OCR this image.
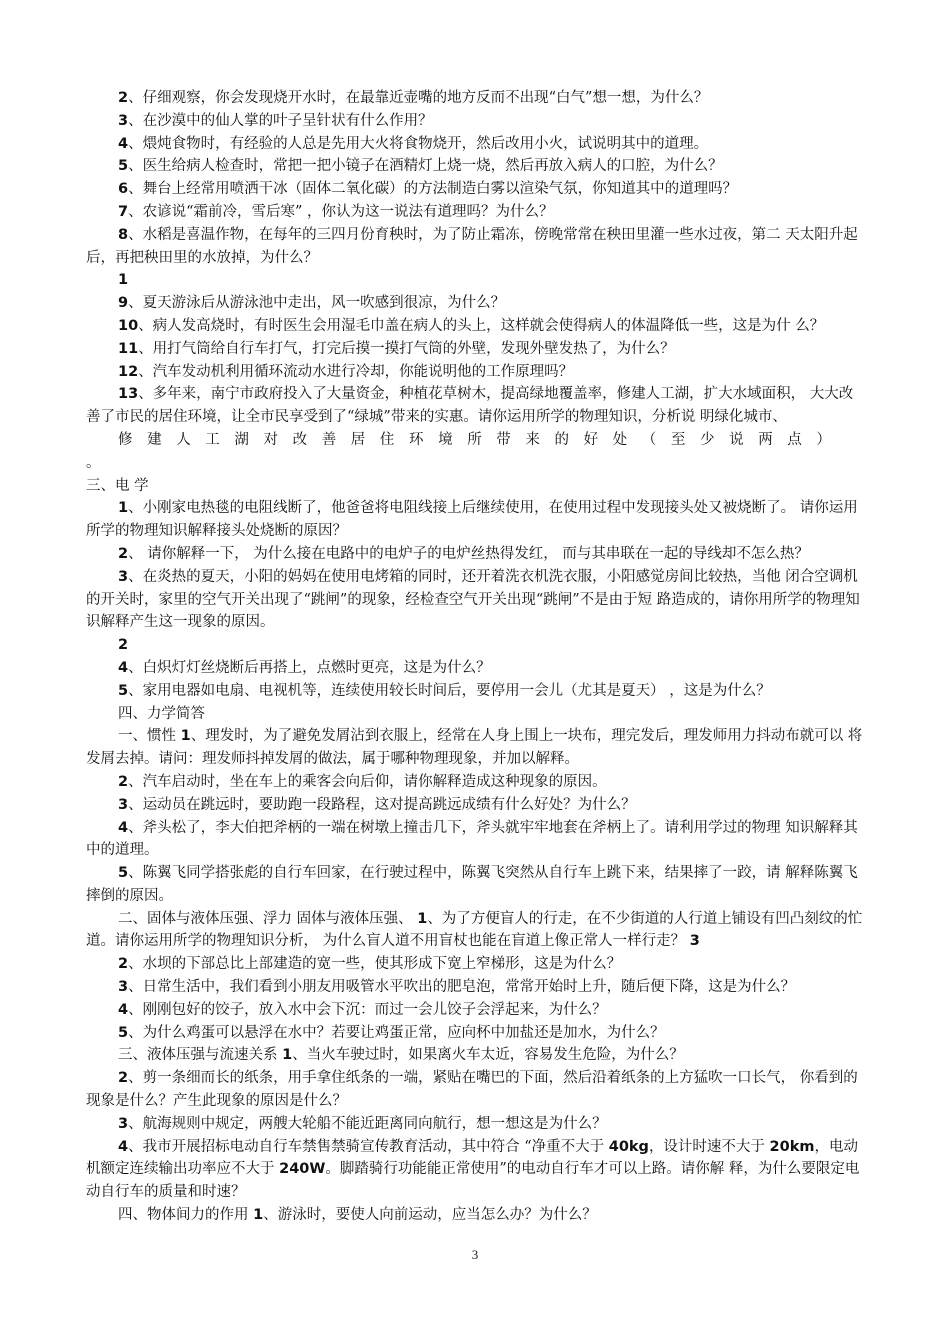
2、仔细观察，你会发现烧开水时，在最靠近壶嘴的地方反而不出现“白气”想一想，为什么？

3、在沙漠中的仙人掌的叶子呈针状有什么作用？

4、煨炖食物时，有经验的人总是先用大火将食物烧开，然后改用小火，试说明其中的道理。

5、医生给病人检查时，常把一把小镜子在酒精灯上烧一烧，然后再放入病人的口腔，为什么？

6、舞台上经常用喷洒干冰（固体二氧化碳）的方法制造白雾以渲染气氛，你知道其中的道理吗？

7、农谚说“霜前冷，雪后寒” ，你认为这一说法有道理吗？为什么？

8、水稻是喜温作物，在每年的三四月份育秧时，为了防止霜冻，傍晚常常在秧田里灌一些水过夜，第二 天太阳升起后，再把秧田里的水放掉，为什么？

1

9、夏天游泳后从游泳池中走出，风一吹感到很凉，为什么？

10、病人发高烧时，有时医生会用湿毛巾盖在病人的头上，这样就会使得病人的体温降低一些，这是为什 么？

11、用打气筒给自行车打气，打完后摸一摸打气筒的外壁，发现外壁发热了，为什么？

12、汽车发动机利用循环流动水进行冷却，你能说明他的工作原理吗？

13、多年来，南宁市政府投入了大量资金，种植花草树木，提高绿地覆盖率，修建人工湖，扩大水域面积， 大大改善了市民的居住环境，让全市民享受到了“绿城”带来的实惠。请你运用所学的物理知识，分析说 明绿化城市、

修建人工湖对改善居住环境所带来的好处（至少说两点） 。

三、电 学

1、小刚家电热毯的电阻线断了，他爸爸将电阻线接上后继续使用，在使用过程中发现接头处又被烧断了。 请你运用所学的物理知识解释接头处烧断的原因？

2、 请你解释一下， 为什么接在电路中的电炉子的电炉丝热得发红， 而与其串联在一起的导线却不怎么热？

3、在炎热的夏天，小阳的妈妈在使用电烤箱的同时，还开着洗衣机洗衣服，小阳感觉房间比较热，当他 闭合空调机的开关时，家里的空气开关出现了“跳闸”的现象，经检查空气开关出现“跳闸”不是由于短 路造成的，请你用所学的物理知识解释产生这一现象的原因。

2

4、白炽灯灯丝烧断后再搭上，点燃时更亮，这是为什么？

5、家用电器如电扇、电视机等，连续使用较长时间后，要停用一会儿（尤其是夏天） ，这是为什么？

四、力学简答

一、惯性 1、理发时，为了避免发屑沾到衣服上，经常在人身上围上一块布，理完发后，理发师用力抖动布就可以 将发屑去掉。请问：理发师抖掉发屑的做法，属于哪种物理现象，并加以解释。

2、汽车启动时，坐在车上的乘客会向后仰，请你解释造成这种现象的原因。

3、运动员在跳远时，要助跑一段路程，这对提高跳远成绩有什么好处？为什么？

4、斧头松了，李大伯把斧柄的一端在树墩上撞击几下，斧头就牢牢地套在斧柄上了。请利用学过的物理 知识解释其中的道理。

5、陈翼飞同学搭张彪的自行车回家，在行驶过程中，陈翼飞突然从自行车上跳下来，结果摔了一跤，请 解释陈翼飞摔倒的原因。

二、固体与液体压强、浮力 固体与液体压强、 1、为了方便盲人的行走，在不少街道的人行道上铺设有凹凸刻纹的忙道。请你运用所学的物理知识分析， 为什么盲人道不用盲杖也能在盲道上像正常人一样行走？ 3

2、水坝的下部总比上部建造的宽一些，使其形成下宽上窄梯形，这是为什么？

3、日常生活中，我们看到小朋友用吸管水平吹出的肥皂泡，常常开始时上升，随后便下降，这是为什么？

4、刚刚包好的饺子，放入水中会下沉：而过一会儿饺子会浮起来，为什么？

5、为什么鸡蛋可以悬浮在水中？若要让鸡蛋正常，应向杯中加盐还是加水，为什么？

三、液体压强与流速关系 1、当火车驶过时，如果离火车太近，容易发生危险，为什么？

2、剪一条细而长的纸条，用手拿住纸条的一端，紧贴在嘴巴的下面，然后沿着纸条的上方猛吹一口长气， 你看到的现象是什么？产生此现象的原因是什么？

3、航海规则中规定，两艘大轮船不能近距离同向航行，想一想这是为什么？

4、我市开展招标电动自行车禁售禁骑宣传教育活动，其中符合 “净重不大于 40kg，设计时速不大于 20km，电动机额定连续输出功率应不大于 240W。脚踏骑行功能能正常使用”的电动自行车才可以上路。请你解 释，为什么要限定电动自行车的质量和时速？

四、物体间力的作用 1、游泳时，要使人向前运动，应当怎么办？为什么？

3
